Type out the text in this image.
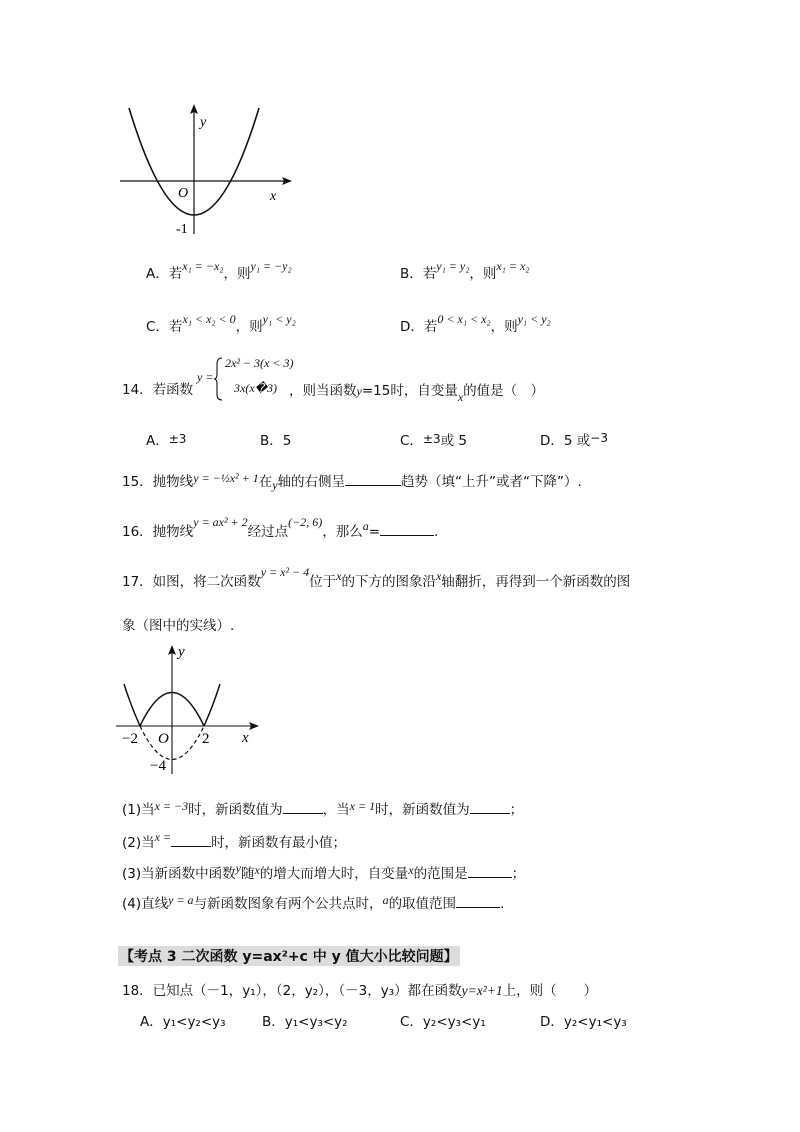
y
x
O
-1
A．若x₁ = −x₂，则y₁ = −y₂	B．若y₁ = y₂，则x₁ = x₂
C．若x₁ < x₂ < 0，则y₁ < y₂	D．若0 < x₁ < x₂，则y₁ < y₂
14．若函数
y =
2x² − 3(x < 3)
3x(x�3) ，则当函数y=15时，自变量x的值是（　）
A．±3	B．5	C．±3或 5	D．5 或−3
15．抛物线y = −½x² + 1在y轴的右侧呈	趋势（填“上升”或者“下降”）.
16．抛物线y = ax² + 2经过点(−2, 6)，那么a=	.
17．如图，将二次函数y = x² − 4位于x的下方的图象沿x轴翻折，再得到一个新函数的图
象（图中的实线）.
y
x
O
−2	2
−4
(1)当x = −3时，新函数值为	，当x = 1时，新函数值为	；
(2)当x =	时，新函数有最小值；
(3)当新函数中函数y随x的增大而增大时，自变量x的范围是	；
(4)直线y = a与新函数图象有两个公共点时，a的取值范围	.
【考点 3 二次函数 y=ax²+c 中 y 值大小比较问题】
18．已知点（－1，y₁），（2，y₂），（－3，y₃）都在函数y=x²+1上，则（　　）
A．y₁<y₂<y₃	B．y₁<y₃<y₂	C．y₂<y₃<y₁	D．y₂<y₁<y₃
